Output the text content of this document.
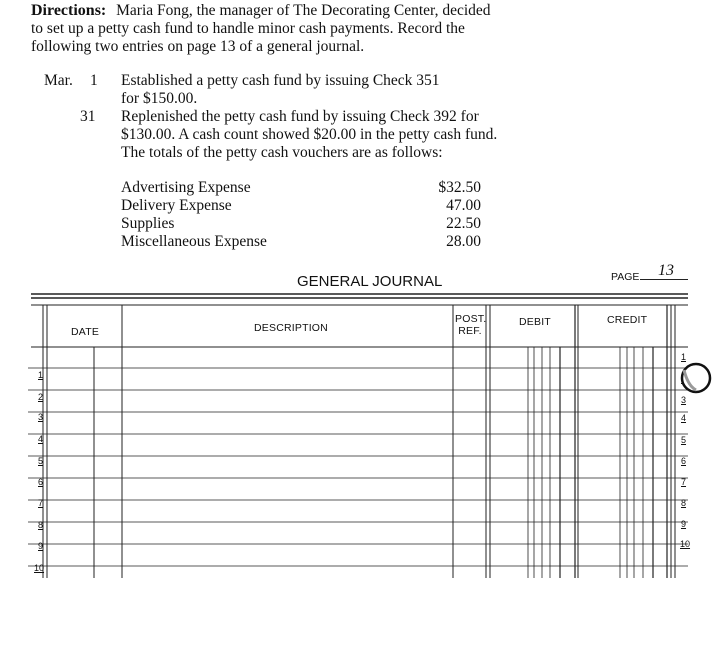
Directions: Maria Fong, the manager of The Decorating Center, decided
to set up a petty cash fund to handle minor cash payments. Record the
following two entries on page 13 of a general journal.
Mar. 1 Established a petty cash fund by issuing Check 351
for $150.00.
31 Replenished the petty cash fund by issuing Check 392 for
$130.00. A cash count showed $20.00 in the petty cash fund.
The totals of the petty cash vouchers are as follows:
Advertising Expense	$32.50
Delivery Expense	47.00
Supplies	22.50
Miscellaneous Expense	28.00
GENERAL JOURNAL	PAGE	13
DATE	DESCRIPTION
POST.
REF.
DEBIT	CREDIT
1
2
3
4
5
6
7
8
9
10
1
3
4
5
6
7
8
9
10
